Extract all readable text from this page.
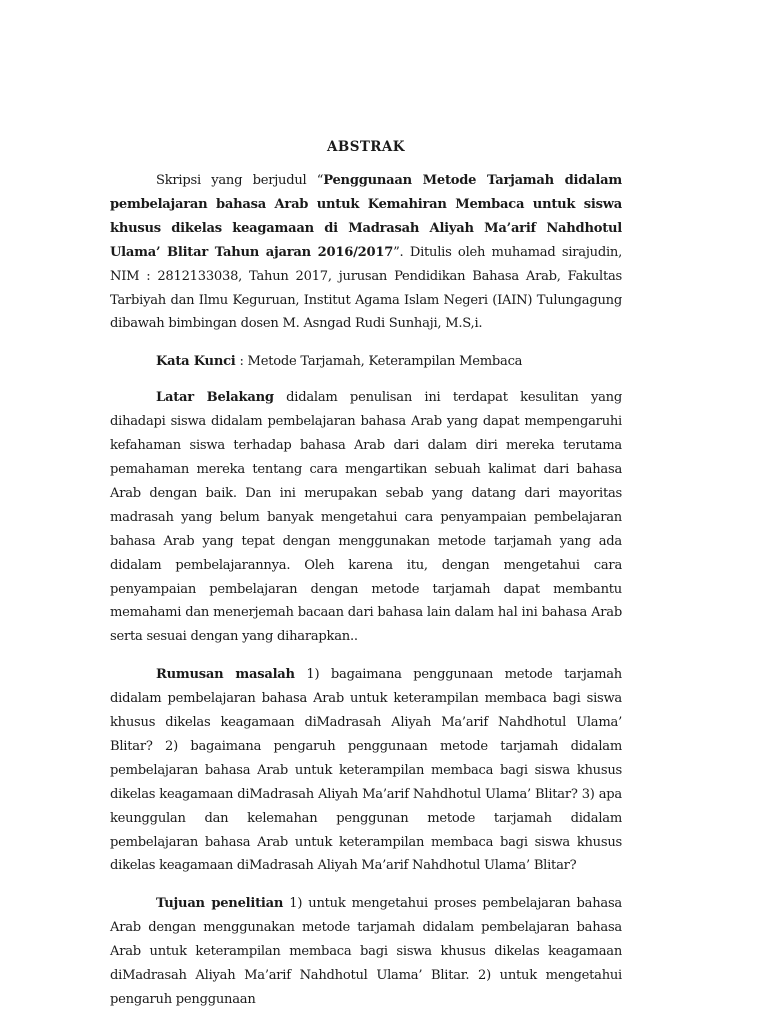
ABSTRAK

Skripsi yang berjudul “Penggunaan Metode Tarjamah didalam pembelajaran bahasa Arab untuk Kemahiran Membaca untuk siswa khusus dikelas keagamaan di Madrasah Aliyah Ma’arif Nahdhotul Ulama’ Blitar Tahun ajaran 2016/2017”. Ditulis oleh muhamad sirajudin, NIM : 2812133038, Tahun 2017, jurusan Pendidikan Bahasa Arab, Fakultas Tarbiyah dan Ilmu Keguruan, Institut Agama Islam Negeri (IAIN) Tulungagung dibawah bimbingan dosen M. Asngad Rudi Sunhaji, M.S,i.

Kata Kunci : Metode Tarjamah, Keterampilan Membaca

Latar Belakang didalam penulisan ini terdapat kesulitan yang dihadapi siswa didalam pembelajaran bahasa Arab yang dapat mempengaruhi kefahaman siswa terhadap bahasa Arab dari dalam diri mereka terutama pemahaman mereka tentang cara mengartikan sebuah kalimat dari bahasa Arab dengan baik. Dan ini merupakan sebab yang datang dari mayoritas madrasah yang belum banyak mengetahui cara penyampaian pembelajaran bahasa Arab yang tepat dengan menggunakan metode tarjamah yang ada didalam pembelajarannya. Oleh karena itu, dengan mengetahui cara penyampaian pembelajaran dengan metode tarjamah dapat membantu memahami dan menerjemah bacaan dari bahasa lain dalam hal ini bahasa Arab serta sesuai dengan yang diharapkan..

Rumusan masalah 1) bagaimana penggunaan metode tarjamah didalam pembelajaran bahasa Arab untuk keterampilan membaca bagi siswa khusus dikelas keagamaan diMadrasah Aliyah Ma’arif Nahdhotul Ulama’ Blitar? 2) bagaimana pengaruh penggunaan metode tarjamah didalam pembelajaran bahasa Arab untuk keterampilan membaca bagi siswa khusus dikelas keagamaan diMadrasah Aliyah Ma’arif Nahdhotul Ulama’ Blitar? 3) apa keunggulan dan kelemahan penggunan metode tarjamah didalam pembelajaran bahasa Arab untuk keterampilan membaca bagi siswa khusus dikelas keagamaan diMadrasah Aliyah Ma’arif Nahdhotul Ulama’ Blitar?

Tujuan penelitian 1) untuk mengetahui proses pembelajaran bahasa Arab dengan menggunakan metode tarjamah didalam pembelajaran bahasa Arab untuk keterampilan membaca bagi siswa khusus dikelas keagamaan diMadrasah Aliyah Ma’arif Nahdhotul Ulama’ Blitar. 2) untuk mengetahui pengaruh penggunaan
